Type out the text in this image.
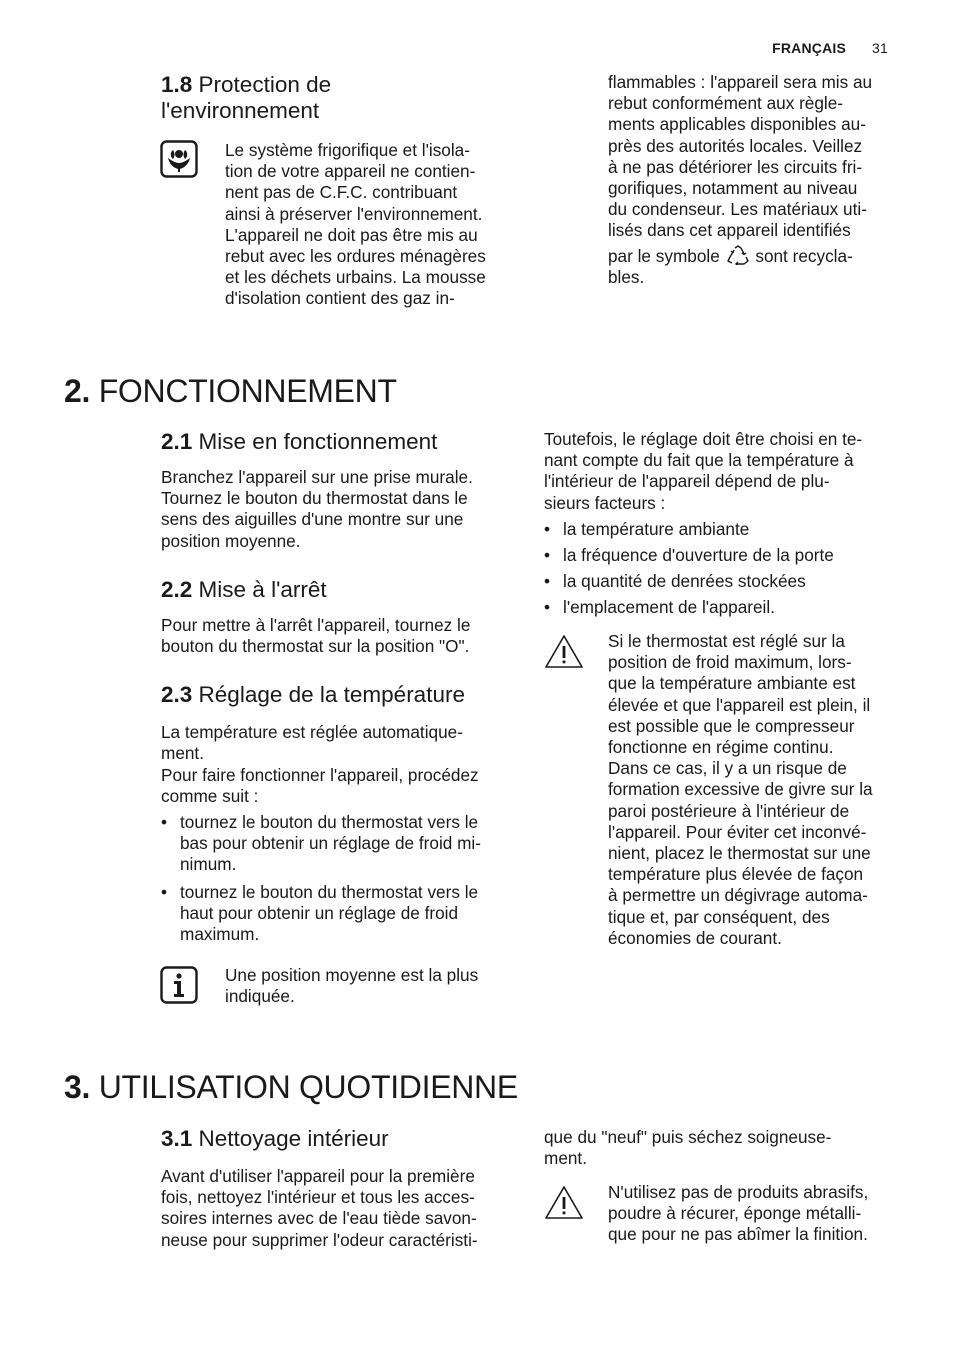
FRANÇAIS 31
1.8 Protection de
l'environnement
Le système frigorifique et l'isola-
tion de votre appareil ne contien-
nent pas de C.F.C. contribuant
ainsi à préserver l'environnement.
L'appareil ne doit pas être mis au
rebut avec les ordures ménagères
et les déchets urbains. La mousse
d'isolation contient des gaz in-
flammables : l'appareil sera mis au
rebut conformément aux règle-
ments applicables disponibles au-
près des autorités locales. Veillez
à ne pas détériorer les circuits fri-
gorifiques, notamment au niveau
du condenseur. Les matériaux uti-
lisés dans cet appareil identifiés
par le symbole sont recycla-
bles.
2. FONCTIONNEMENT
2.1 Mise en fonctionnement
Branchez l'appareil sur une prise murale.
Tournez le bouton du thermostat dans le
sens des aiguilles d'une montre sur une
position moyenne.
2.2 Mise à l'arrêt
Pour mettre à l'arrêt l'appareil, tournez le
bouton du thermostat sur la position "O".
2.3 Réglage de la température
La température est réglée automatique-
ment.
Pour faire fonctionner l'appareil, procédez
comme suit :
• tournez le bouton du thermostat vers le
bas pour obtenir un réglage de froid mi-
nimum.
• tournez le bouton du thermostat vers le
haut pour obtenir un réglage de froid
maximum.
Une position moyenne est la plus
indiquée.
Toutefois, le réglage doit être choisi en te-
nant compte du fait que la température à
l'intérieur de l'appareil dépend de plu-
sieurs facteurs :
• la température ambiante
• la fréquence d'ouverture de la porte
• la quantité de denrées stockées
• l'emplacement de l'appareil.
Si le thermostat est réglé sur la
position de froid maximum, lors-
que la température ambiante est
élevée et que l'appareil est plein, il
est possible que le compresseur
fonctionne en régime continu.
Dans ce cas, il y a un risque de
formation excessive de givre sur la
paroi postérieure à l'intérieur de
l'appareil. Pour éviter cet inconvé-
nient, placez le thermostat sur une
température plus élevée de façon
à permettre un dégivrage automa-
tique et, par conséquent, des
économies de courant.
3. UTILISATION QUOTIDIENNE
3.1 Nettoyage intérieur
Avant d'utiliser l'appareil pour la première
fois, nettoyez l'intérieur et tous les acces-
soires internes avec de l'eau tiède savon-
neuse pour supprimer l'odeur caractéristi-
que du "neuf" puis séchez soigneuse-
ment.
N'utilisez pas de produits abrasifs,
poudre à récurer, éponge métalli-
que pour ne pas abîmer la finition.
